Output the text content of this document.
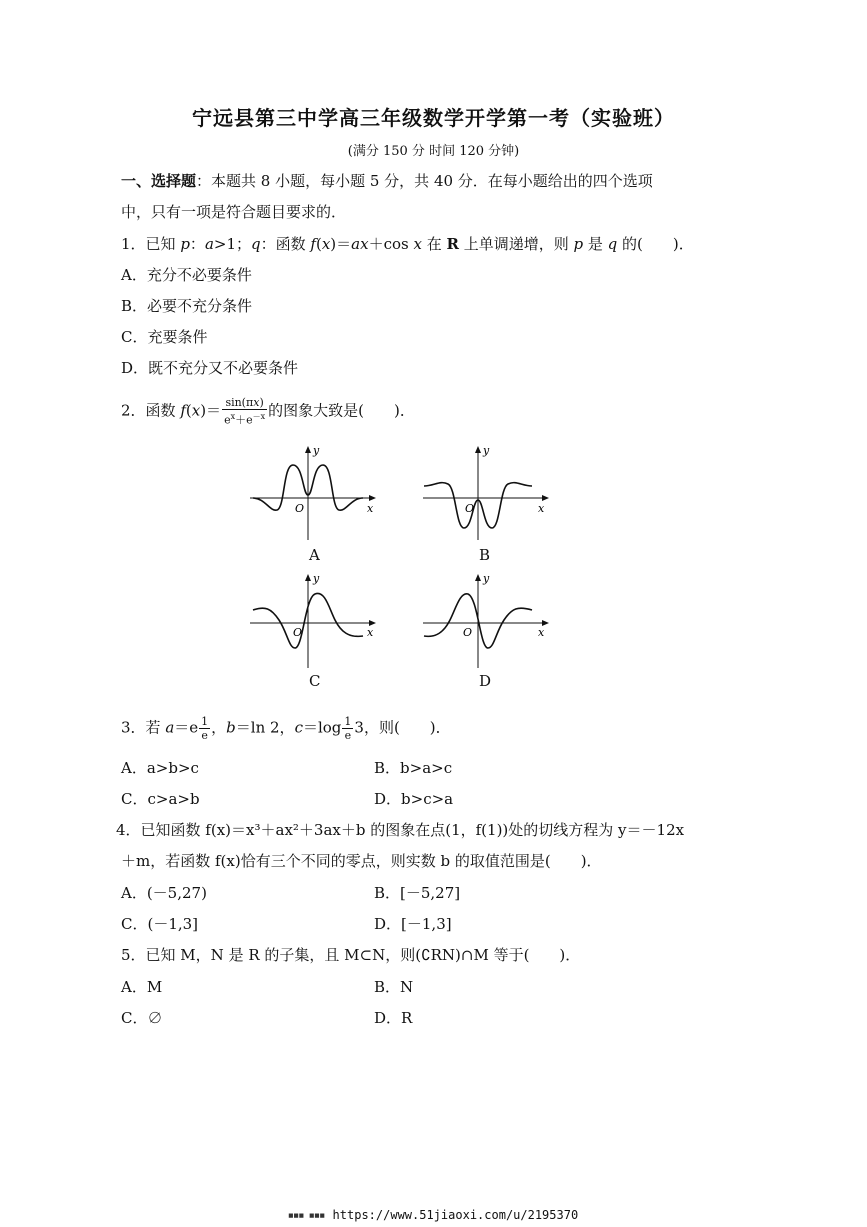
宁远县第三中学高三年级数学开学第一考（实验班）
(满分 150 分 时间 120 分钟)
一、选择题：本题共 8 小题，每小题 5 分，共 40 分．在每小题给出的四个选项
中，只有一项是符合题目要求的．
1．已知 p：a>1；q：函数 f(x)＝ax＋cos x 在 R 上单调递增，则 p 是 q 的(　　)．
A．充分不必要条件
B．必要不充分条件
C．充要条件
D．既不充分又不必要条件
2．函数 $f(x)= \frac{\sin(\pi x)}{e^x+e^{-x}}$ 的图象大致是(　　)．
y
O	x
A
y
O	x
B
y
O	x
C
y
O	x
D
3．若 $a=e \frac{1}{e}$ ，b＝ln 2，$c=\log \frac{1}{e} 3$，则(　　)．
A．a>b>c	B．b>a>c
C．c>a>b	D．b>c>a
4．已知函数 f(x)＝x³＋ax²＋3ax＋b 的图象在点(1，f(1))处的切线方程为 y＝－12x
＋m，若函数 f(x)恰有三个不同的零点，则实数 b 的取值范围是(　　)．
A．(－5,27)	B．[－5,27]
C．(－1,3]	D．[－1,3]
5．已知 M，N 是 R 的子集，且 M⊂N，则(∁RN)∩M 等于(　　)．
A．M	B．N
C．∅	D．R
■■■ ■■■ https://www.51jiaoxi.com/u/2195370
